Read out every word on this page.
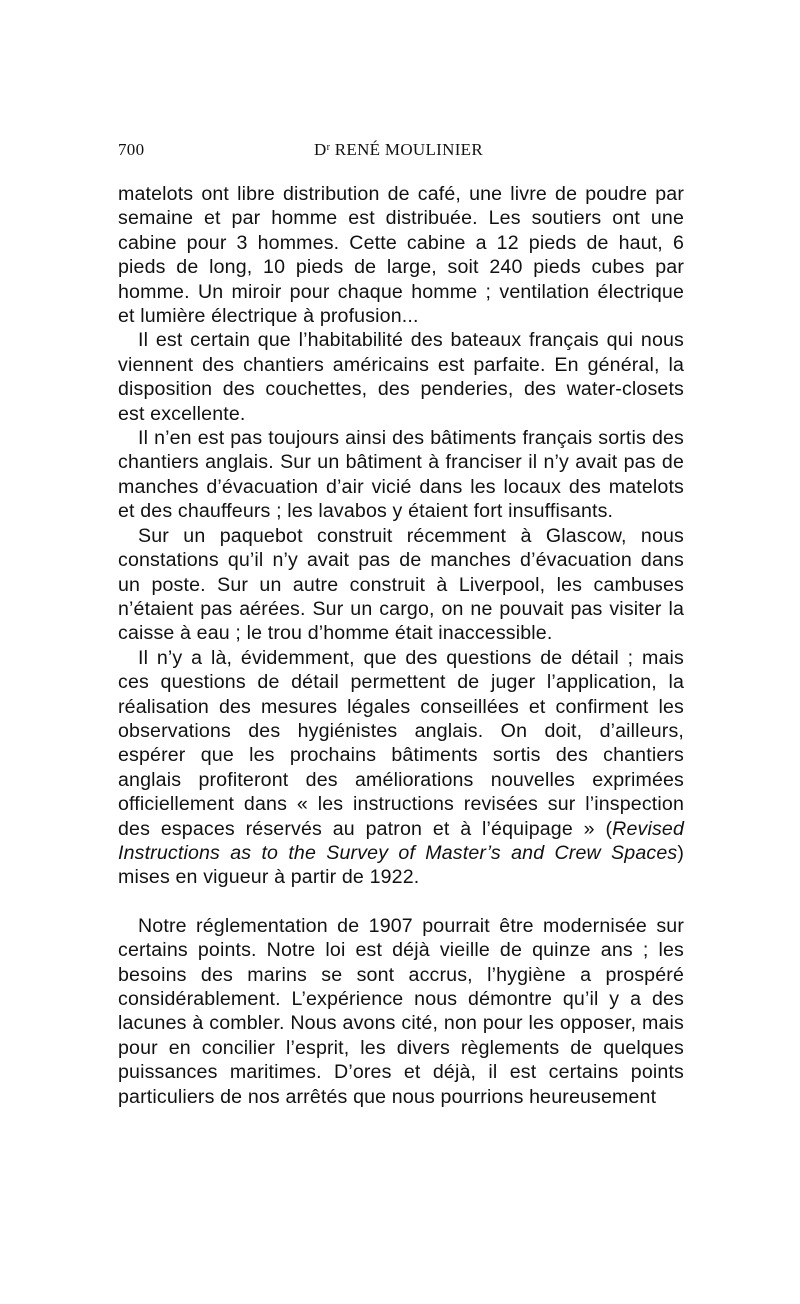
700	$D^r$ RENÉ MOULINIER

matelots ont libre distribution de café, une livre de poudre par semaine et par homme est distribuée. Les soutiers ont une cabine pour 3 hommes. Cette cabine a 12 pieds de haut, 6 pieds de long, 10 pieds de large, soit 240 pieds cubes par homme. Un miroir pour chaque homme ; ventilation électrique et lumière électrique à profusion...

Il est certain que l’habitabilité des bateaux français qui nous viennent des chantiers américains est parfaite. En général, la disposition des couchettes, des penderies, des water-closets est excellente.

Il n’en est pas toujours ainsi des bâtiments français sortis des chantiers anglais. Sur un bâtiment à franciser il n’y avait pas de manches d’évacuation d’air vicié dans les locaux des matelots et des chauffeurs ; les lavabos y étaient fort insuffisants.

Sur un paquebot construit récemment à Glascow, nous constations qu’il n’y avait pas de manches d’évacuation dans un poste. Sur un autre construit à Liverpool, les cambuses n’étaient pas aérées. Sur un cargo, on ne pouvait pas visiter la caisse à eau ; le trou d’homme était inaccessible.

Il n’y a là, évidemment, que des questions de détail ; mais ces questions de détail permettent de juger l’application, la réalisation des mesures légales conseillées et confirment les observations des hygiénistes anglais. On doit, d’ailleurs, espérer que les prochains bâtiments sortis des chantiers anglais profiteront des améliorations nouvelles exprimées officiellement dans « les instructions revisées sur l’inspection des espaces réservés au patron et à l’équipage » (Revised Instructions as to the Survey of Master’s and Crew Spaces) mises en vigueur à partir de 1922.

Notre réglementation de 1907 pourrait être modernisée sur certains points. Notre loi est déjà vieille de quinze ans ; les besoins des marins se sont accrus, l’hygiène a prospéré considérablement. L’expérience nous démontre qu’il y a des lacunes à combler. Nous avons cité, non pour les opposer, mais pour en concilier l’esprit, les divers règlements de quelques puissances maritimes. D’ores et déjà, il est certains points particuliers de nos arrêtés que nous pourrions heureusement
